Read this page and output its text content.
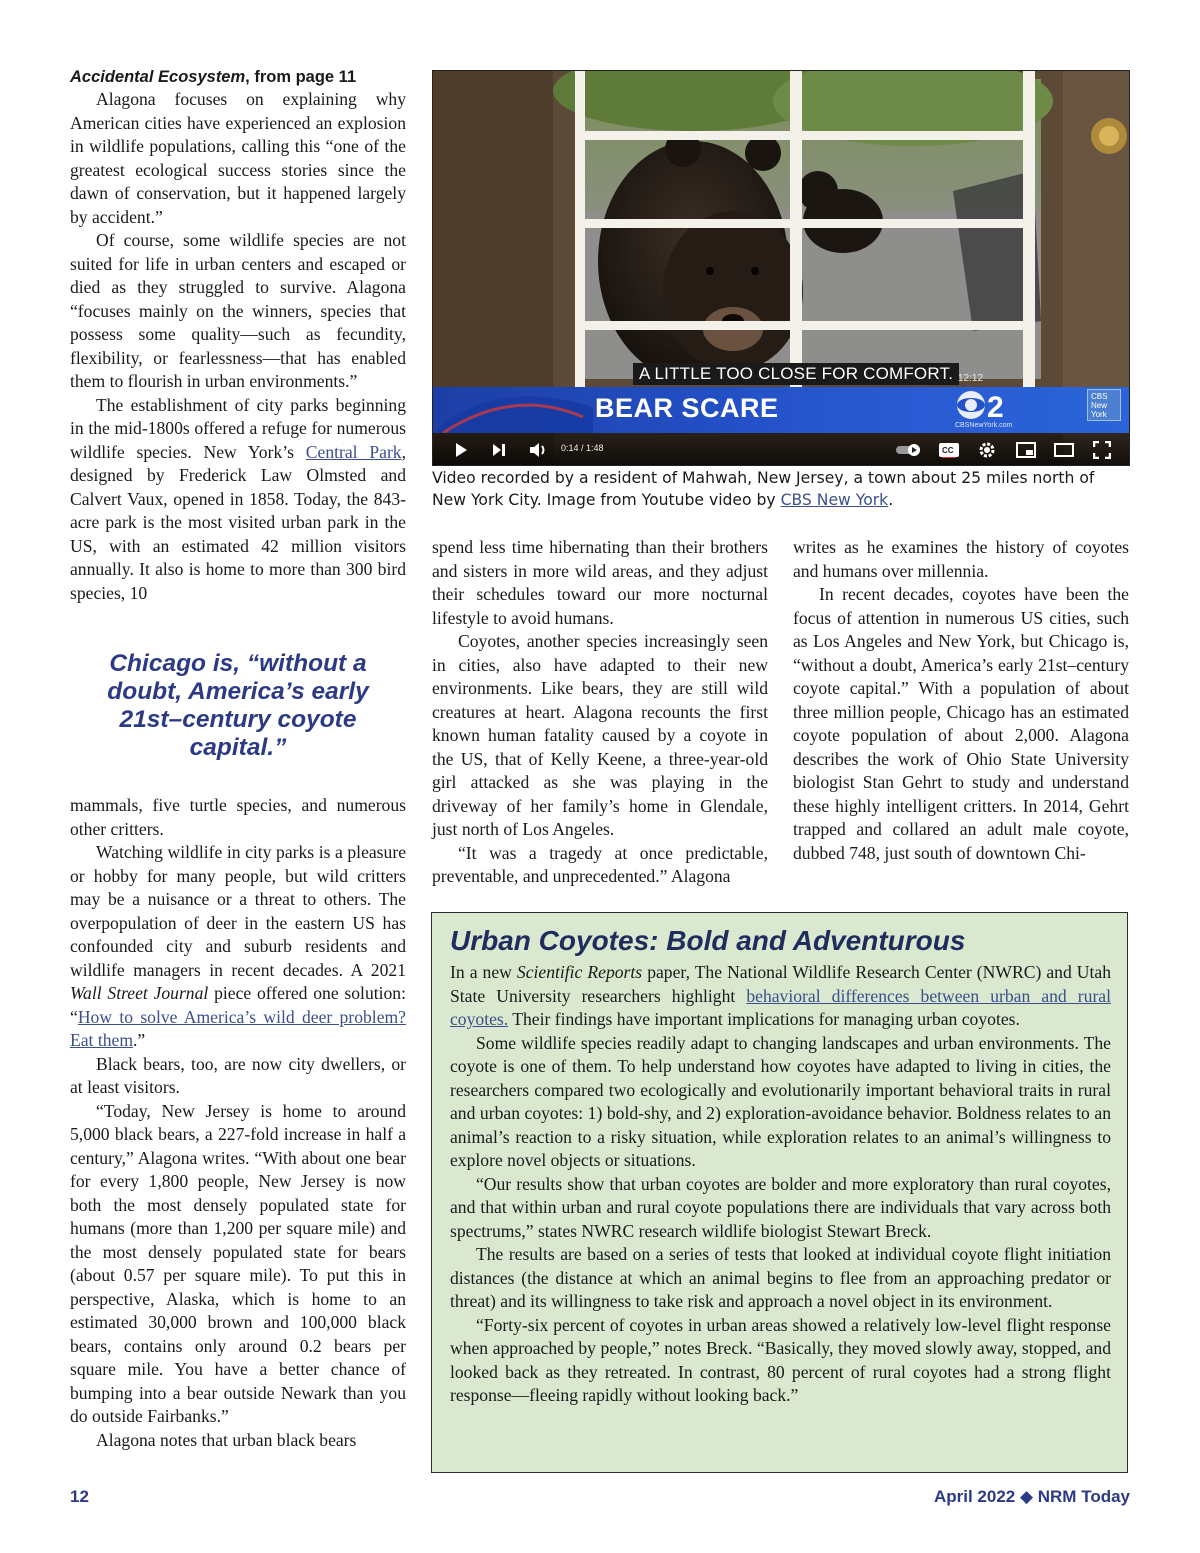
Accidental Ecosystem, from page 11

Alagona focuses on explaining why American cities have experienced an explosion in wildlife populations, calling this “one of the greatest ecological success stories since the dawn of conservation, but it happened largely by accident.”

Of course, some wildlife species are not suited for life in urban centers and escaped or died as they struggled to survive. Alagona “focuses mainly on the winners, species that possess some quality—such as fecundity, flexibility, or fearlessness—that has enabled them to flourish in urban environments.”

The establishment of city parks beginning in the mid-1800s offered a refuge for numerous wildlife species. New York’s Central Park, designed by Frederick Law Olmsted and Calvert Vaux, opened in 1858. Today, the 843-acre park is the most visited urban park in the US, with an estimated 42 million visitors annually. It also is home to more than 300 bird species, 10

Chicago is, “without a doubt, America’s early 21st–century coyote capital.”

mammals, five turtle species, and numerous other critters.

Watching wildlife in city parks is a pleasure or hobby for many people, but wild critters may be a nuisance or a threat to others. The overpopulation of deer in the eastern US has confounded city and suburb residents and wildlife managers in recent decades. A 2021 Wall Street Journal piece offered one solution: “How to solve America’s wild deer problem? Eat them.”

Black bears, too, are now city dwellers, or at least visitors.

“Today, New Jersey is home to around 5,000 black bears, a 227-fold increase in half a century,” Alagona writes. “With about one bear for every 1,800 people, New Jersey is now both the most densely populated state for humans (more than 1,200 per square mile) and the most densely populated state for bears (about 0.57 per square mile). To put this in perspective, Alaska, which is home to an estimated 30,000 brown and 100,000 black bears, contains only around 0.2 bears per square mile. You have a better chance of bumping into a bear outside Newark than you do outside Fairbanks.”

Alagona notes that urban black bears

A LITTLE TOO CLOSE FOR COMFORT.
BEAR SCARE
12:12
2
CBSNewYork.com
CBS New York
0:14 / 1:48	CC
Video recorded by a resident of Mahwah, New Jersey, a town about 25 miles north of New York City. Image from Youtube video by CBS New York.

spend less time hibernating than their brothers and sisters in more wild areas, and they adjust their schedules toward our more nocturnal lifestyle to avoid humans.

Coyotes, another species increasingly seen in cities, also have adapted to their new environments. Like bears, they are still wild creatures at heart. Alagona recounts the first known human fatality caused by a coyote in the US, that of Kelly Keene, a three-year-old girl attacked as she was playing in the driveway of her family’s home in Glendale, just north of Los Angeles.

“It was a tragedy at once predictable, preventable, and unprecedented.” Alagona

writes as he examines the history of coyotes and humans over millennia.

In recent decades, coyotes have been the focus of attention in numerous US cities, such as Los Angeles and New York, but Chicago is, “without a doubt, America’s early 21st–century coyote capital.” With a population of about three million people, Chicago has an estimated coyote population of about 2,000. Alagona describes the work of Ohio State University biologist Stan Gehrt to study and understand these highly intelligent critters. In 2014, Gehrt trapped and collared an adult male coyote, dubbed 748, just south of downtown Chi-

Urban Coyotes: Bold and Adventurous

In a new Scientific Reports paper, The National Wildlife Research Center (NWRC) and Utah State University researchers highlight behavioral differences between urban and rural coyotes. Their findings have important implications for managing urban coyotes.

Some wildlife species readily adapt to changing landscapes and urban environments. The coyote is one of them. To help understand how coyotes have adapted to living in cities, the researchers compared two ecologically and evolutionarily important behavioral traits in rural and urban coyotes: 1) bold-shy, and 2) exploration-avoidance behavior. Boldness relates to an animal’s reaction to a risky situation, while exploration relates to an animal’s willingness to explore novel objects or situations.

“Our results show that urban coyotes are bolder and more exploratory than rural coyotes, and that within urban and rural coyote populations there are individuals that vary across both spectrums,” states NWRC research wildlife biologist Stewart Breck.

The results are based on a series of tests that looked at individual coyote flight initiation distances (the distance at which an animal begins to flee from an approaching predator or threat) and its willingness to take risk and approach a novel object in its environment.

“Forty-six percent of coyotes in urban areas showed a relatively low-level flight response when approached by people,” notes Breck. “Basically, they moved slowly away, stopped, and looked back as they retreated. In contrast, 80 percent of rural coyotes had a strong flight response—fleeing rapidly without looking back.”

12	April 2022 ◆ NRM Today
